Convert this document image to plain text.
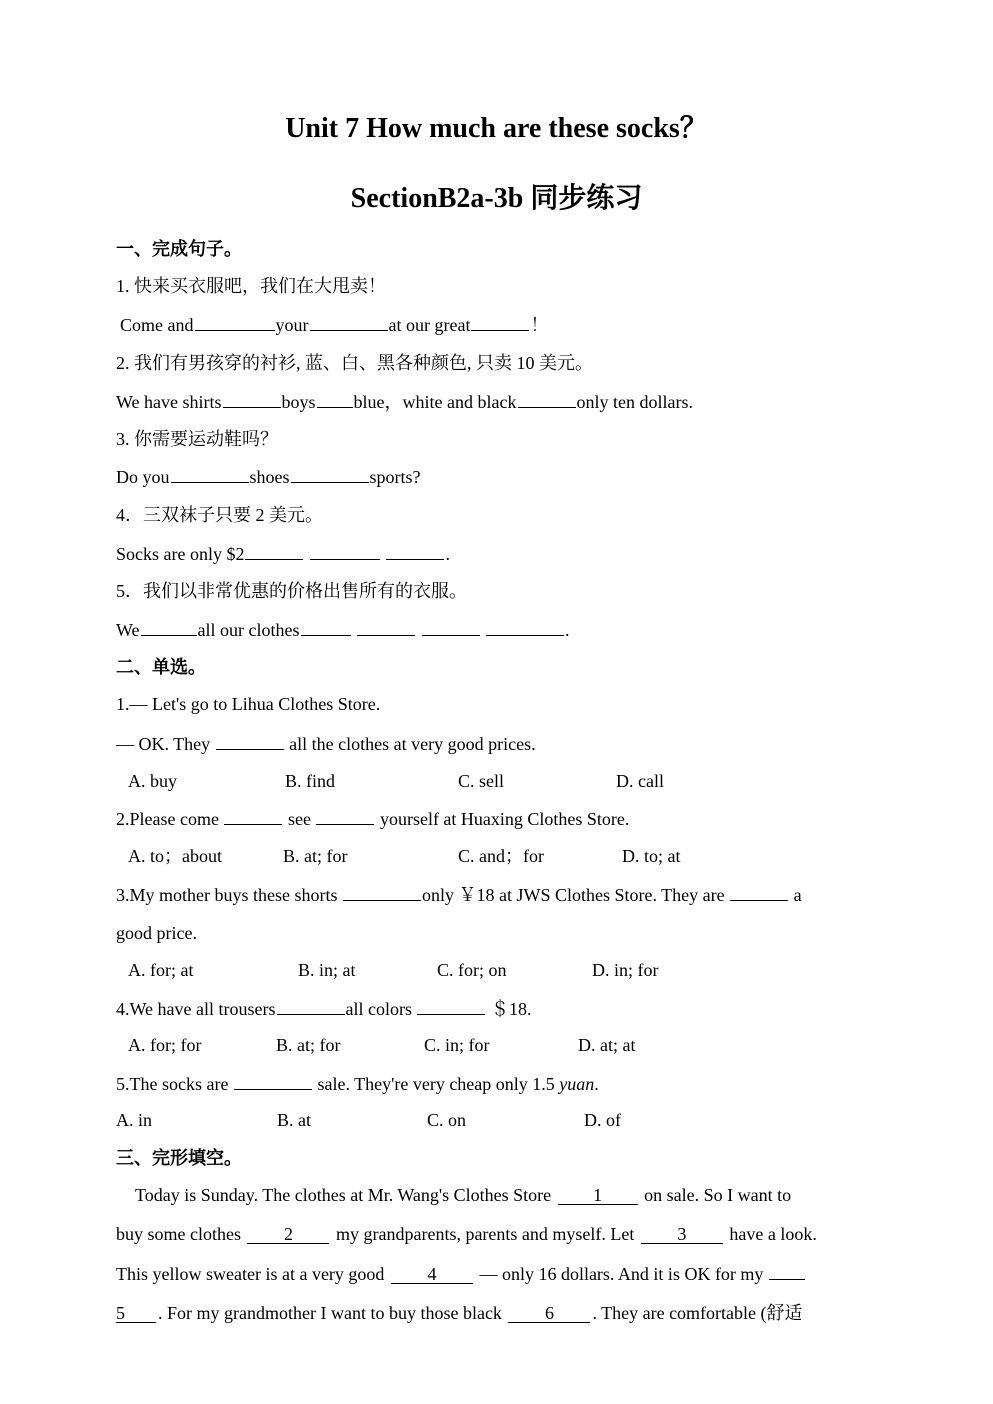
Unit 7 How much are these socks？
SectionB2a-3b 同步练习
一、完成句子。
1. 快来买衣服吧，我们在大甩卖！
Come and	your	at our great	！
2. 我们有男孩穿的衬衫, 蓝、白、黑各种颜色, 只卖 10 美元。
We have shirts	boys blue，white and black	only ten dollars.
3. 你需要运动鞋吗？
Do you	shoes	sports?
4．三双袜子只要 2 美元。
Socks are only $2	.
5．我们以非常优惠的价格出售所有的衣服。
We	all our clothes	.
二、单选。
1.— Let's go to Lihua Clothes Store.
— OK. They	all the clothes at very good prices.
A. buy	B. find	C. sell	D. call
2.Please come	see	yourself at Huaxing Clothes Store.
A. to；about	B. at; for	C. and；for	D. to; at
3.My mother buys these shorts	only ￥18 at JWS Clothes Store. They are	a
good price.
A. for; at	B. in; at	C. for; on	D. in; for
4.We have all trousers	all colors	＄18.
A. for; for	B. at; for	C. in; for	D. at; at
5.The socks are	sale. They're very cheap only 1.5 yuan.
A. in	B. at	C. on	D. of
三、完形填空。
Today is Sunday. The clothes at Mr. Wang's Clothes Store 1 on sale. So I want to
buy some clothes 2 my grandparents, parents and myself. Let 3 have a look.
This yellow sweater is at a very good 4 — only 16 dollars. And it is OK for my
5 . For my grandmother I want to buy those black 6 . They are comfortable (舒适
